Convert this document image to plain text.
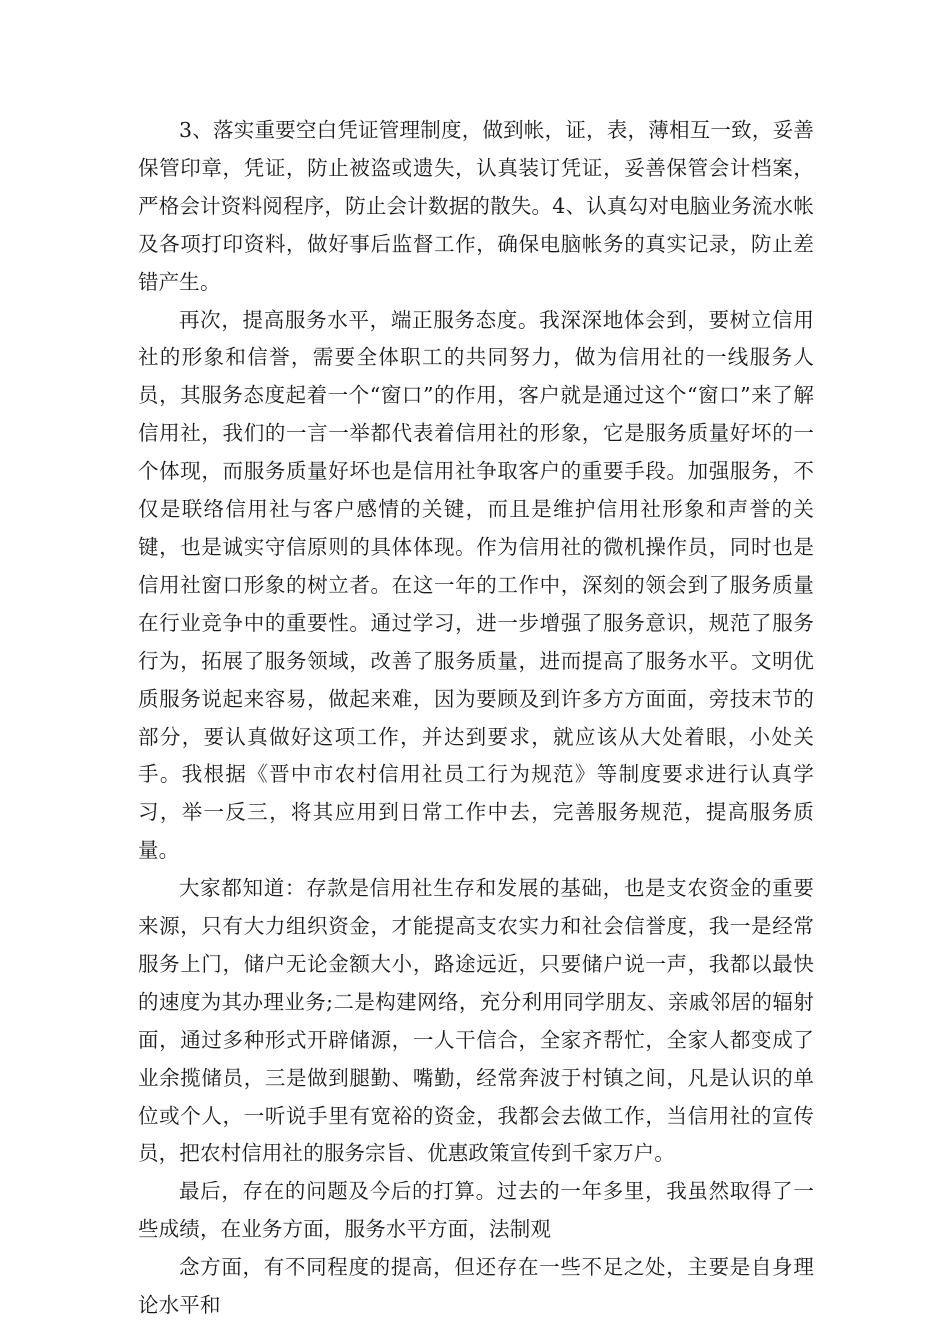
3、落实重要空白凭证管理制度，做到帐，证，表，薄相互一致，妥善保管印章，凭证，防止被盗或遗失，认真装订凭证，妥善保管会计档案，严格会计资料阅程序，防止会计数据的散失。4、认真勾对电脑业务流水帐及各项打印资料，做好事后监督工作，确保电脑帐务的真实记录，防止差错产生。

再次，提高服务水平，端正服务态度。我深深地体会到，要树立信用社的形象和信誉，需要全体职工的共同努力，做为信用社的一线服务人员，其服务态度起着一个“窗口”的作用，客户就是通过这个“窗口”来了解信用社，我们的一言一举都代表着信用社的形象，它是服务质量好坏的一个体现，而服务质量好坏也是信用社争取客户的重要手段。加强服务，不仅是联络信用社与客户感情的关键，而且是维护信用社形象和声誉的关键，也是诚实守信原则的具体体现。作为信用社的微机操作员，同时也是信用社窗口形象的树立者。在这一年的工作中，深刻的领会到了服务质量在行业竞争中的重要性。通过学习，进一步增强了服务意识，规范了服务行为，拓展了服务领域，改善了服务质量，进而提高了服务水平。文明优质服务说起来容易，做起来难，因为要顾及到许多方方面面，旁技末节的部分，要认真做好这项工作，并达到要求，就应该从大处着眼，小处关手。我根据《晋中市农村信用社员工行为规范》等制度要求进行认真学习，举一反三，将其应用到日常工作中去，完善服务规范，提高服务质量。

大家都知道：存款是信用社生存和发展的基础，也是支农资金的重要来源，只有大力组织资金，才能提高支农实力和社会信誉度，我一是经常服务上门，储户无论金额大小，路途远近，只要储户说一声，我都以最快的速度为其办理业务;二是构建网络，充分利用同学朋友、亲戚邻居的辐射面，通过多种形式开辟储源，一人干信合，全家齐帮忙，全家人都变成了业余揽储员，三是做到腿勤、嘴勤，经常奔波于村镇之间，凡是认识的单位或个人，一听说手里有宽裕的资金，我都会去做工作，当信用社的宣传员，把农村信用社的服务宗旨、优惠政策宣传到千家万户。

最后，存在的问题及今后的打算。过去的一年多里，我虽然取得了一些成绩，在业务方面，服务水平方面，法制观

念方面，有不同程度的提高，但还存在一些不足之处，主要是自身理论水平和
